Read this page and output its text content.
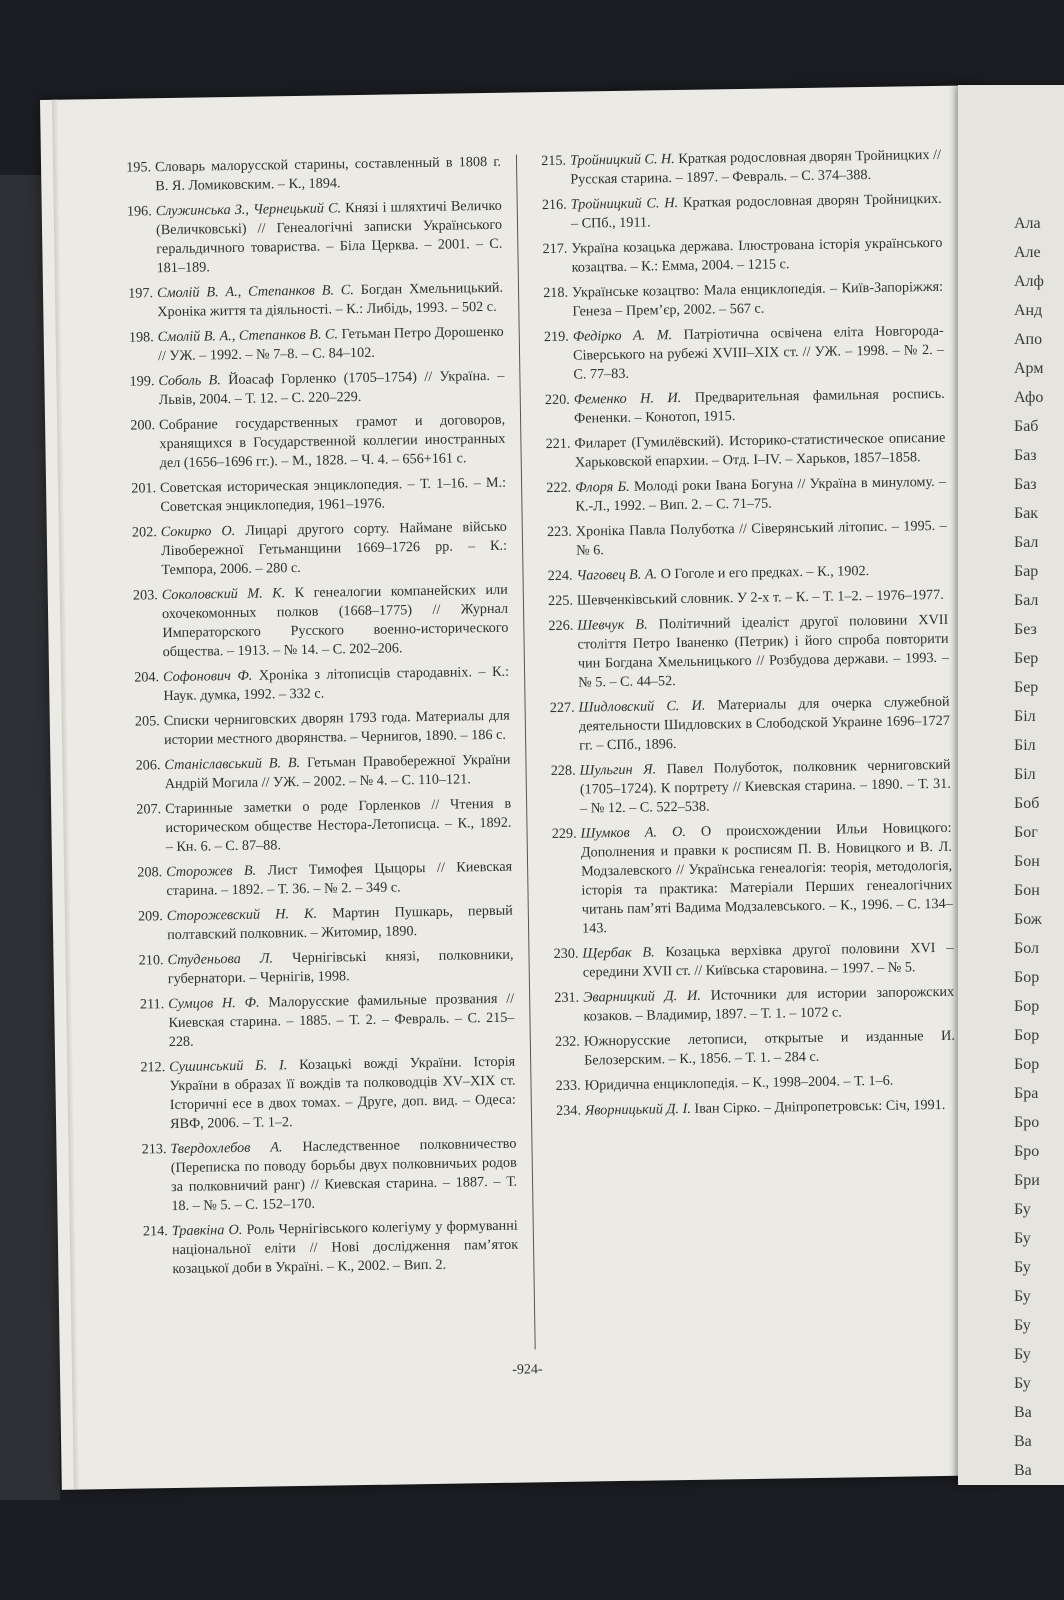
195. Словарь малорусской старины, составленный в 1808 г. В. Я. Ломиковским. – К., 1894.
196. Служинська З., Чернецький С. Князі і шляхтичі Величко (Величковські) // Генеалогічні записки Українського геральдичного товариства. – Біла Церква. – 2001. – С. 181–189.
197. Смолій В. А., Степанков В. С. Богдан Хмельницький. Хроніка життя та діяльності. – К.: Либідь, 1993. – 502 с.
198. Смолій В. А., Степанков В. С. Гетьман Петро Дорошенко // УЖ. – 1992. – № 7–8. – С. 84–102.
199. Соболь В. Йоасаф Горленко (1705–1754) // Україна. – Львів, 2004. – Т. 12. – С. 220–229.
200. Собрание государственных грамот и договоров, хранящихся в Государственной коллегии иностранных дел (1656–1696 гг.). – М., 1828. – Ч. 4. – 656+161 с.
201. Советская историческая энциклопедия. – Т. 1–16. – М.: Советская энциклопедия, 1961–1976.
202. Сокирко О. Лицарі другого сорту. Наймане військо Лівобережної Гетьманщини 1669–1726 рр. – К.: Темпора, 2006. – 280 с.
203. Соколовский М. К. К генеалогии компанейских или охочекомонных полков (1668–1775) // Журнал Императорского Русского военно-исторического общества. – 1913. – № 14. – С. 202–206.
204. Софонович Ф. Хроніка з літописців стародавніх. – К.: Наук. думка, 1992. – 332 с.
205. Списки черниговских дворян 1793 года. Материалы для истории местного дворянства. – Чернигов, 1890. – 186 с.
206. Станіславський В. В. Гетьман Правобережної України Андрій Могила // УЖ. – 2002. – № 4. – С. 110–121.
207. Старинные заметки о роде Горленков // Чтения в историческом обществе Нестора-Летописца. – К., 1892. – Кн. 6. – С. 87–88.
208. Сторожев В. Лист Тимофея Цыцоры // Киевская старина. – 1892. – Т. 36. – № 2. – 349 с.
209. Сторожевский Н. К. Мартин Пушкарь, первый полтавский полковник. – Житомир, 1890.
210. Студеньова Л. Чернігівські князі, полковники, губернатори. – Чернігів, 1998.
211. Сумцов Н. Ф. Малорусские фамильные прозвания // Киевская старина. – 1885. – Т. 2. – Февраль. – С. 215–228.
212. Сушинський Б. І. Козацькі вожді України. Історія України в образах її вождів та полководців XV–XIX ст. Історичні есе в двох томах. – Друге, доп. вид. – Одеса: ЯВФ, 2006. – Т. 1–2.
213. Твердохлебов А. Наследственное полковничество (Переписка по поводу борьбы двух полковничьих родов за полковничий ранг) // Киевская старина. – 1887. – Т. 18. – № 5. – С. 152–170.
214. Травкіна О. Роль Чернігівського колегіуму у формуванні національної еліти // Нові дослідження пам’яток козацької доби в Україні. – К., 2002. – Вип. 2.
215. Тройницкий С. Н. Краткая родословная дворян Тройницких // Русская старина. – 1897. – Февраль. – С. 374–388.
216. Тройницкий С. Н. Краткая родословная дворян Тройницких. – СПб., 1911.
217. Україна козацька держава. Ілюстрована історія українського козацтва. – К.: Емма, 2004. – 1215 с.
218. Українське козацтво: Мала енциклопедія. – Київ-Запоріжжя: Генеза – Прем’єр, 2002. – 567 с.
219. Федірко А. М. Патріотична освічена еліта Новгорода-Сіверського на рубежі XVIII–XIX ст. // УЖ. – 1998. – № 2. – С. 77–83.
220. Феменко Н. И. Предварительная фамильная роспись. Фененки. – Конотоп, 1915.
221. Филарет (Гумилёвский). Историко-статистическое описание Харьковской епархии. – Отд. I–IV. – Харьков, 1857–1858.
222. Флоря Б. Молоді роки Івана Богуна // Україна в минулому. – К.-Л., 1992. – Вип. 2. – С. 71–75.
223. Хроніка Павла Полуботка // Сіверянський літопис. – 1995. – № 6.
224. Чаговец В. А. О Гоголе и его предках. – К., 1902.
225. Шевченківський словник. У 2-х т. – К. – Т. 1–2. – 1976–1977.
226. Шевчук В. Політичний ідеаліст другої половини XVII століття Петро Іваненко (Петрик) і його спроба повторити чин Богдана Хмельницького // Розбудова держави. – 1993. – № 5. – С. 44–52.
227. Шидловский С. И. Материалы для очерка служебной деятельности Шидловских в Слободской Украине 1696–1727 гг. – СПб., 1896.
228. Шульгин Я. Павел Полуботок, полковник черниговский (1705–1724). К портрету // Киевская старина. – 1890. – Т. 31. – № 12. – С. 522–538.
229. Шумков А. О. О происхождении Ильи Новицкого: Дополнения и правки к росписям П. В. Новицкого и В. Л. Модзалевского // Українська генеалогія: теорія, методологія, історія та практика: Матеріали Перших генеалогічних читань пам’яті Вадима Модзалевського. – К., 1996. – С. 134–143.
230. Щербак В. Козацька верхівка другої половини XVI – середини XVII ст. // Київська старовина. – 1997. – № 5.
231. Эварницкий Д. И. Источники для истории запорожских козаков. – Владимир, 1897. – Т. 1. – 1072 с.
232. Южнорусские летописи, открытые и изданные И. Белозерским. – К., 1856. – Т. 1. – 284 с.
233. Юридична енциклопедія. – К., 1998–2004. – Т. 1–6.
234. Яворницький Д. І. Іван Сірко. – Дніпропетровськ: Січ, 1991.
-924-
Ала
Але
Алф
Анд
Апо
Арм
Афо
Баб
Баз
Баз
Бак
Бал
Бар
Бал
Без
Бер
Бер
Біл
Біл
Біл
Боб
Бог
Бон
Бон
Бож
Бол
Бор
Бор
Бор
Бор
Бра
Бро
Бро
Бри
Бу
Бу
Бу
Бу
Бу
Бу
Бу
Ва
Ва
Ва
